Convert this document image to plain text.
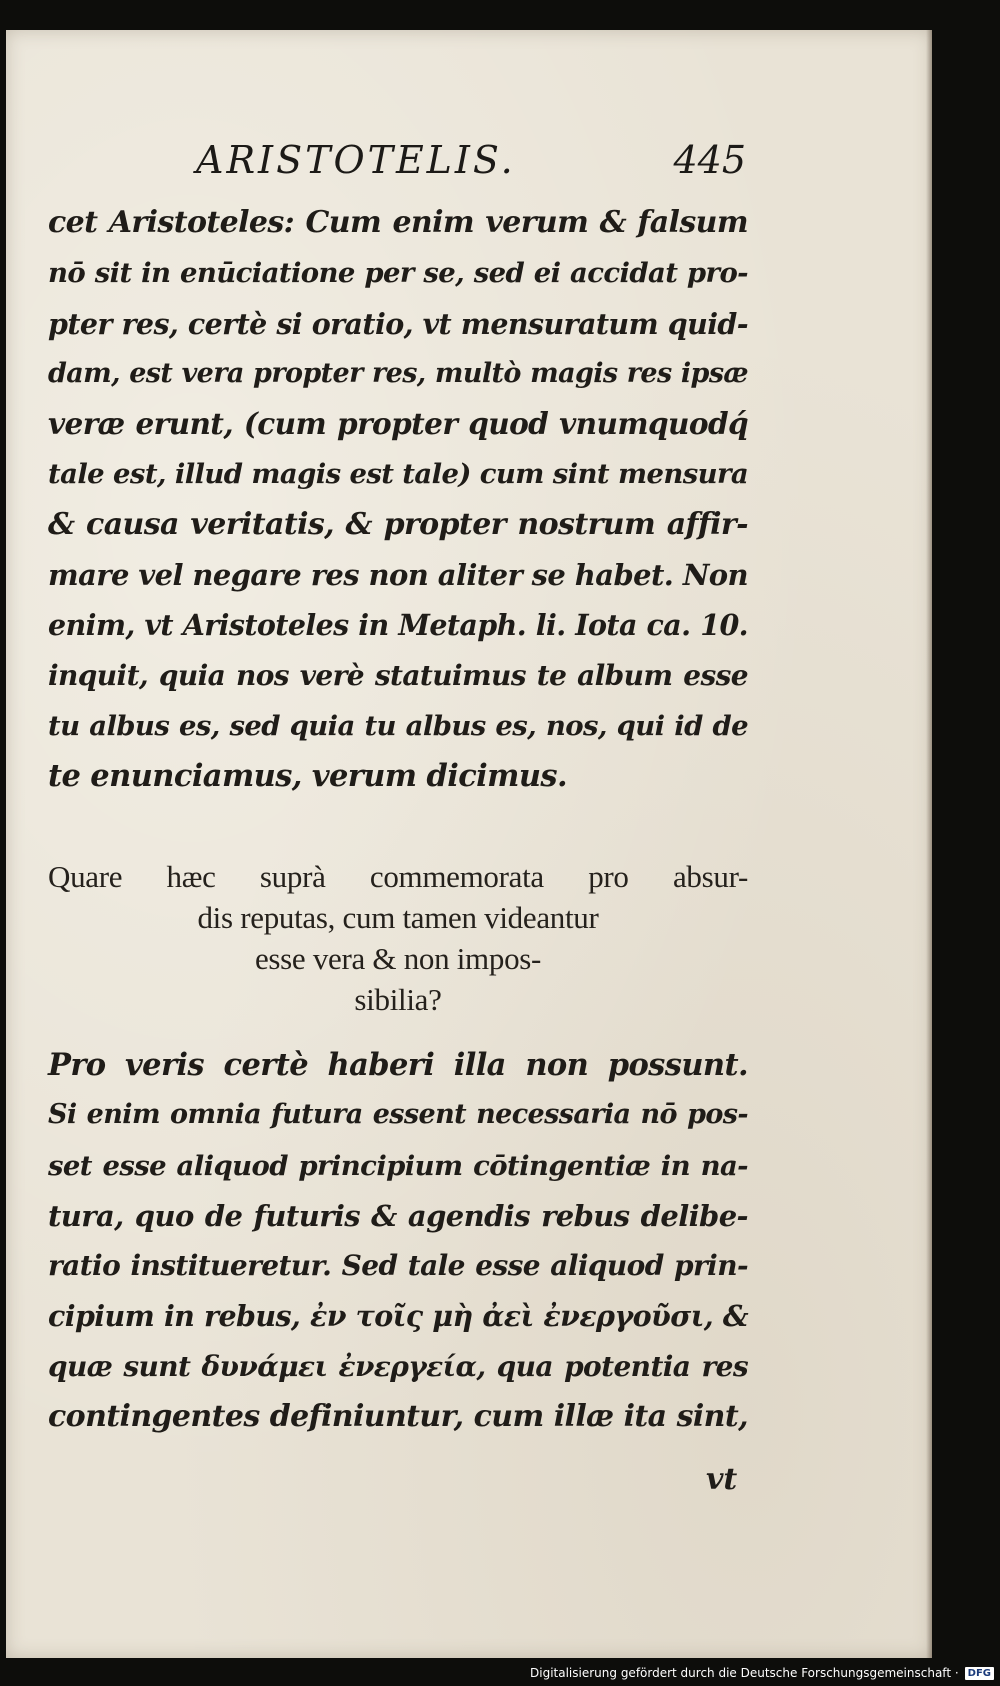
ARISTOTELIS.	445
cet Aristoteles: Cum enim verum & falsum
nō sit in enūciatione per se, sed ei accidat pro-
pter res, certè si oratio, vt mensuratum quid-
dam, est vera propter res, multò magis res ipsæ
veræ erunt, (cum propter quod vnumquodq́
tale est, illud magis est tale) cum sint mensura
& causa veritatis, & propter nostrum affir-
mare vel negare res non aliter se habet. Non
enim, vt Aristoteles in Metaph. li. Iota ca. 10.
inquit, quia nos verè statuimus te album esse
tu albus es, sed quia tu albus es, nos, qui id de
te enunciamus, verum dicimus.
Quare hæc suprà commemorata pro absur-
dis reputas, cum tamen videantur
esse vera & non impos-
sibilia?
Pro veris certè haberi illa non possunt.
Si enim omnia futura essent necessaria nō pos-
set esse aliquod principium cōtingentiæ in na-
tura, quo de futuris & agendis rebus delibe-
ratio institueretur. Sed tale esse aliquod prin-
cipium in rebus, ἐν τοῖς μὴ ἀεὶ ἐνεργοῦσι, &
quæ sunt δυνάμει ἐνεργεία, qua potentia res
contingentes definiuntur, cum illæ ita sint,
vt
Digitalisierung gefördert durch die Deutsche Forschungsgemeinschaft · DFG
